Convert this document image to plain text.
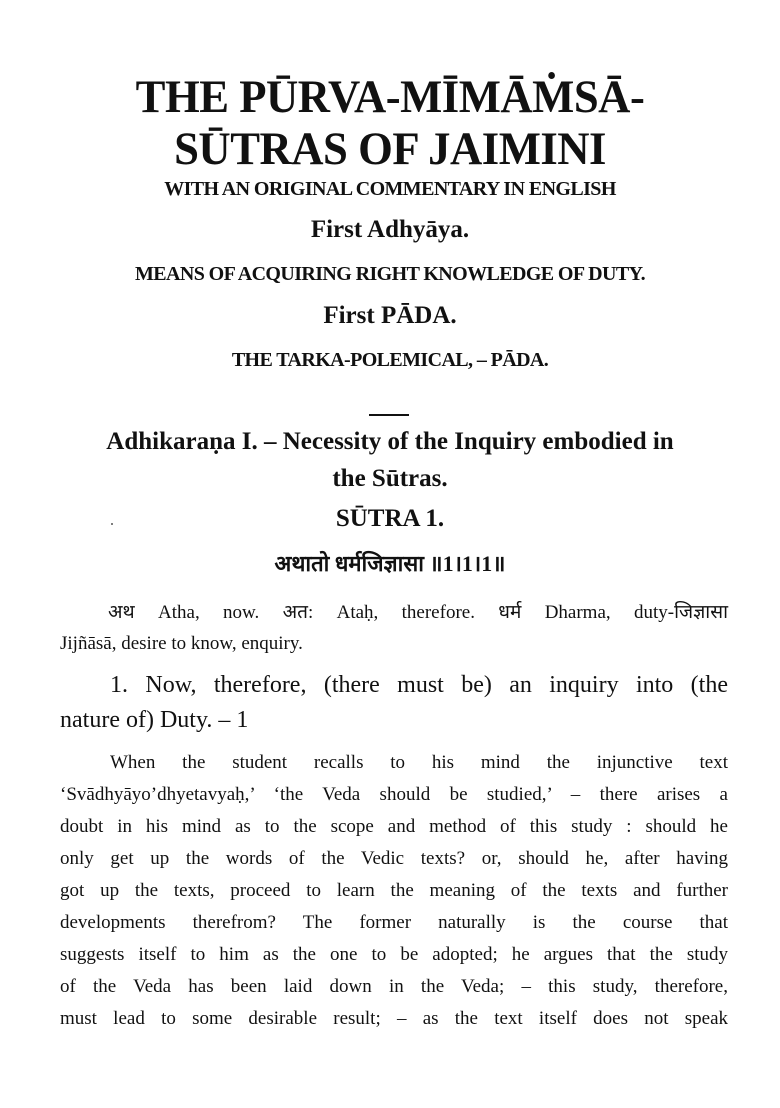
THE PŪRVA-MĪMĀṀSĀ-
SŪTRAS OF JAIMINI
WITH AN ORIGINAL COMMENTARY IN ENGLISH
First Adhyāya.
MEANS OF ACQUIRING RIGHT KNOWLEDGE OF DUTY.
First PĀDA.
THE TARKA-POLEMICAL, – PĀDA.
Adhikaraṇa I. – Necessity of the Inquiry embodied in
the Sūtras.
SŪTRA 1.
अथातो धर्मजिज्ञासा ॥1।1।1॥
अथ Atha, now. अत: Ataḥ, therefore. धर्म Dharma, duty-जिज्ञासा
Jijñāsā, desire to know, enquiry.
1. Now, therefore, (there must be) an inquiry into (the
nature of) Duty. – 1
When the student recalls to his mind the injunctive text
‘Svādhyāyo’dhyetavyaḥ,’ ‘the Veda should be studied,’ – there arises a
doubt in his mind as to the scope and method of this study : should he
only get up the words of the Vedic texts? or, should he, after having
got up the texts, proceed to learn the meaning of the texts and further
developments therefrom? The former naturally is the course that
suggests itself to him as the one to be adopted; he argues that the study
of the Veda has been laid down in the Veda; – this study, therefore,
must lead to some desirable result; – as the text itself does not speak
